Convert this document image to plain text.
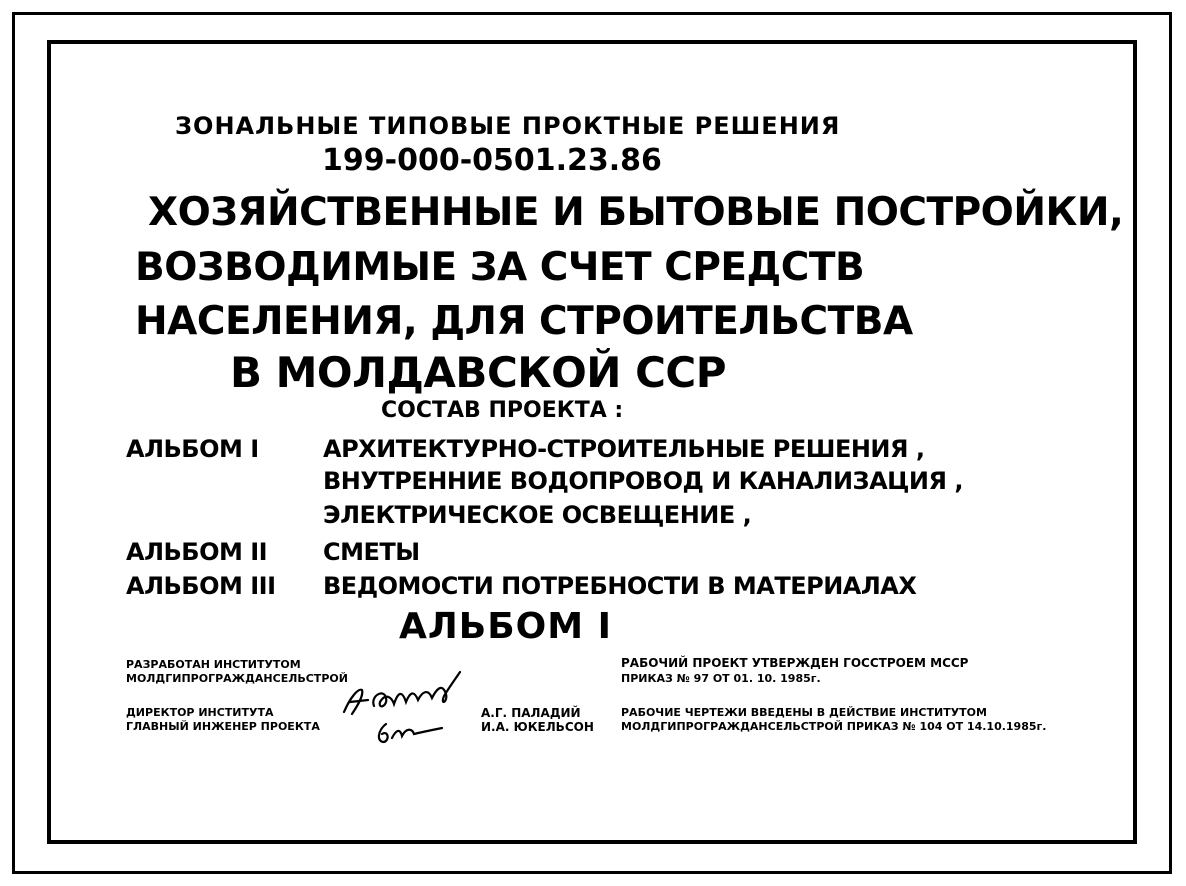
ЗОНАЛЬНЫЕ ТИПОВЫЕ ПРОКТНЫЕ РЕШЕНИЯ
199-000-0501.23.86
ХОЗЯЙСТВЕННЫЕ И БЫТОВЫЕ ПОСТРОЙКИ,
ВОЗВОДИМЫЕ ЗА СЧЕТ СРЕДСТВ
НАСЕЛЕНИЯ, ДЛЯ СТРОИТЕЛЬСТВА
В МОЛДАВСКОЙ ССР
СОСТАВ ПРОЕКТА :
АЛЬБОМ I	АРХИТЕКТУРНО-СТРОИТЕЛЬНЫЕ РЕШЕНИЯ ,
ВНУТРЕННИЕ ВОДОПРОВОД И КАНАЛИЗАЦИЯ ,
ЭЛЕКТРИЧЕСКОЕ ОСВЕЩЕНИЕ ,
АЛЬБОМ II СМЕТЫ
АЛЬБОМ III ВЕДОМОСТИ ПОТРЕБНОСТИ В МАТЕРИАЛАХ
АЛЬБОМ I
РАЗРАБОТАН ИНСТИТУТОМ
МОЛДГИПРОГРАЖДАНСЕЛЬСТРОЙ
ДИРЕКТОР ИНСТИТУТА
ГЛАВНЫЙ ИНЖЕНЕР ПРОЕКТА
А.Г. ПАЛАДИЙ
И.А. ЮКЕЛЬСОН
РАБОЧИЙ ПРОЕКТ УТВЕРЖДЕН ГОССТРОЕМ МССР
ПРИКАЗ № 97 ОТ 01. 10. 1985г.
РАБОЧИЕ ЧЕРТЕЖИ ВВЕДЕНЫ В ДЕЙСТВИЕ ИНСТИТУТОМ
МОЛДГИПРОГРАЖДАНСЕЛЬСТРОЙ ПРИКАЗ № 104 ОТ 14.10.1985г.
